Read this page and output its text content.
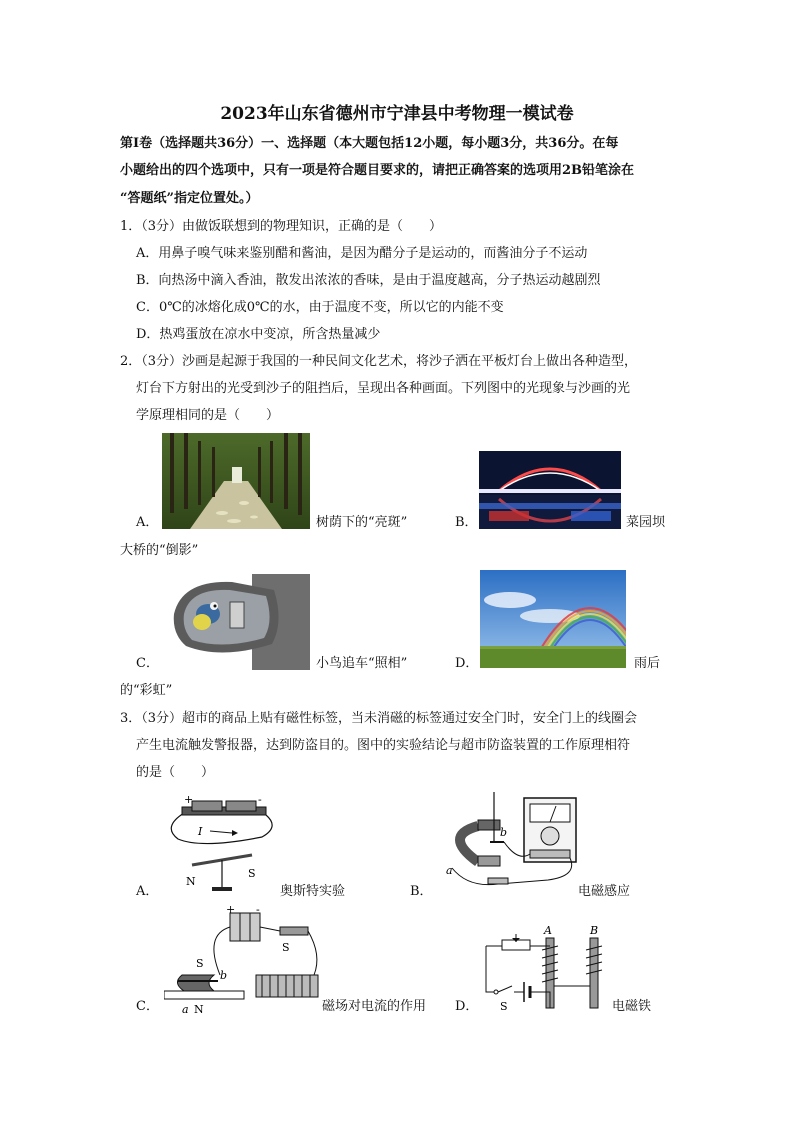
2023年山东省德州市宁津县中考物理一模试卷
第Ⅰ卷（选择题共36分）一、选择题（本大题包括12小题，每小题3分，共36分。在每
小题给出的四个选项中，只有一项是符合题目要求的，请把正确答案的选项用2B铅笔涂在
“答题纸”指定位置处。）
1．（3分）由做饭联想到的物理知识，正确的是（　　）
A．用鼻子嗅气味来鉴别醋和酱油，是因为醋分子是运动的，而酱油分子不运动
B．向热汤中滴入香油，散发出浓浓的香味，是由于温度越高，分子热运动越剧烈
C．0℃的冰熔化成0℃的水，由于温度不变，所以它的内能不变
D．热鸡蛋放在凉水中变凉，所含热量减少
2．（3分）沙画是起源于我国的一种民间文化艺术，将沙子洒在平板灯台上做出各种造型，
灯台下方射出的光受到沙子的阻挡后，呈现出各种画面。下列图中的光现象与沙画的光
学原理相同的是（　　）
A．	树荫下的“亮斑”	B．	菜园坝
大桥的“倒影”
C．	小鸟追车“照相”	D．	雨后
的“彩虹”
3．（3分）超市的商品上贴有磁性标签，当未消磁的标签通过安全门时，安全门上的线圈会
产生电流触发警报器，达到防盗目的。图中的实验结论与超市防盗装置的工作原理相符
的是（　　）
+	-
I
N
S
A．	奥斯特实验
b
a
B．	电磁感应
+ -
S
S
b
a N
C．	磁场对电流的作用
A	B
S
D．	电磁铁
